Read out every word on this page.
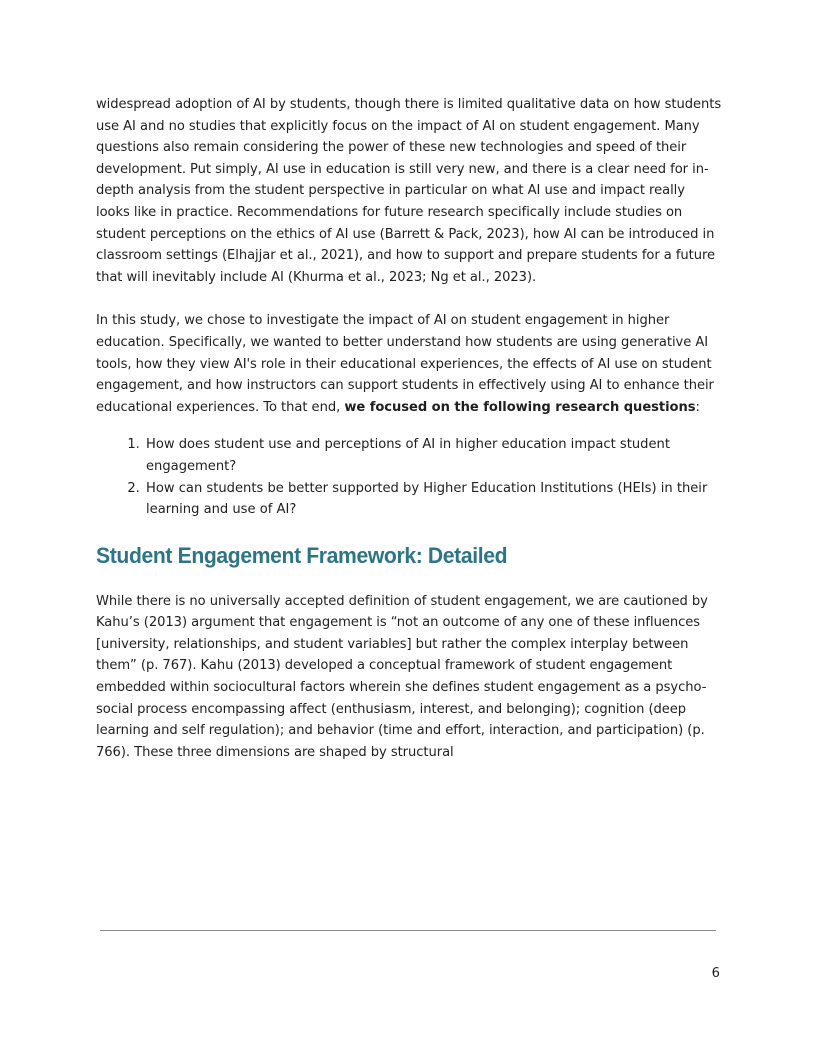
widespread adoption of AI by students, though there is limited qualitative data on how students use AI and no studies that explicitly focus on the impact of AI on student engagement. Many questions also remain considering the power of these new technologies and speed of their development. Put simply, AI use in education is still very new, and there is a clear need for in-depth analysis from the student perspective in particular on what AI use and impact really looks like in practice. Recommendations for future research specifically include studies on student perceptions on the ethics of AI use (Barrett & Pack, 2023), how AI can be introduced in classroom settings (Elhajjar et al., 2021), and how to support and prepare students for a future that will inevitably include AI (Khurma et al., 2023; Ng et al., 2023).

In this study, we chose to investigate the impact of AI on student engagement in higher education. Specifically, we wanted to better understand how students are using generative AI tools, how they view AI's role in their educational experiences, the effects of AI use on student engagement, and how instructors can support students in effectively using AI to enhance their educational experiences. To that end, we focused on the following research questions:

1. How does student use and perceptions of AI in higher education impact student engagement?
2. How can students be better supported by Higher Education Institutions (HEIs) in their learning and use of AI?
Student Engagement Framework: Detailed

While there is no universally accepted definition of student engagement, we are cautioned by Kahu’s (2013) argument that engagement is “not an outcome of any one of these influences [university, relationships, and student variables] but rather the complex interplay between them” (p. 767). Kahu (2013) developed a conceptual framework of student engagement embedded within sociocultural factors wherein she defines student engagement as a psycho-social process encompassing affect (enthusiasm, interest, and belonging); cognition (deep learning and self regulation); and behavior (time and effort, interaction, and participation) (p. 766). These three dimensions are shaped by structural

6
